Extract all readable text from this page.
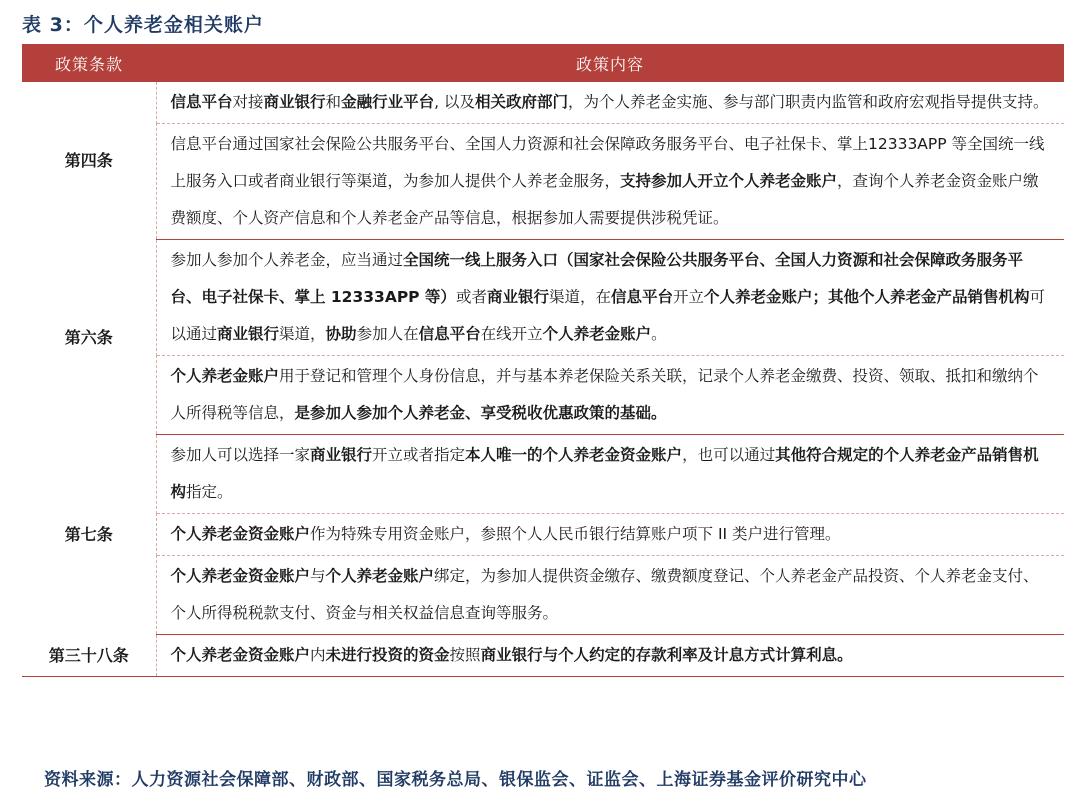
表 3：个人养老金相关账户
政策条款	政策内容
第四条	信息平台对接商业银行和金融行业平台, 以及相关政府部门，为个人养老金实施、参与部门职责内监管和政府宏观指导提供支持。
	信息平台通过国家社会保险公共服务平台、全国人力资源和社会保障政务服务平台、电子社保卡、掌上12333APP 等全国统一线上服务入口或者商业银行等渠道，为参加人提供个人养老金服务，支持参加人开立个人养老金账户，查询个人养老金资金账户缴费额度、个人资产信息和个人养老金产品等信息，根据参加人需要提供涉税凭证。
第六条	参加人参加个人养老金，应当通过全国统一线上服务入口（国家社会保险公共服务平台、全国人力资源和社会保障政务服务平台、电子社保卡、掌上 12333APP 等）或者商业银行渠道，在信息平台开立个人养老金账户；其他个人养老金产品销售机构可以通过商业银行渠道，协助参加人在信息平台在线开立个人养老金账户。
	个人养老金账户用于登记和管理个人身份信息，并与基本养老保险关系关联，记录个人养老金缴费、投资、领取、抵扣和缴纳个人所得税等信息，是参加人参加个人养老金、享受税收优惠政策的基础。
第七条	参加人可以选择一家商业银行开立或者指定本人唯一的个人养老金资金账户，也可以通过其他符合规定的个人养老金产品销售机构指定。
	个人养老金资金账户作为特殊专用资金账户，参照个人人民币银行结算账户项下 II 类户进行管理。
	个人养老金资金账户与个人养老金账户绑定，为参加人提供资金缴存、缴费额度登记、个人养老金产品投资、个人养老金支付、个人所得税税款支付、资金与相关权益信息查询等服务。
第三十八条	个人养老金资金账户内未进行投资的资金按照商业银行与个人约定的存款利率及计息方式计算利息。
资料来源：人力资源社会保障部、财政部、国家税务总局、银保监会、证监会、上海证券基金评价研究中心
